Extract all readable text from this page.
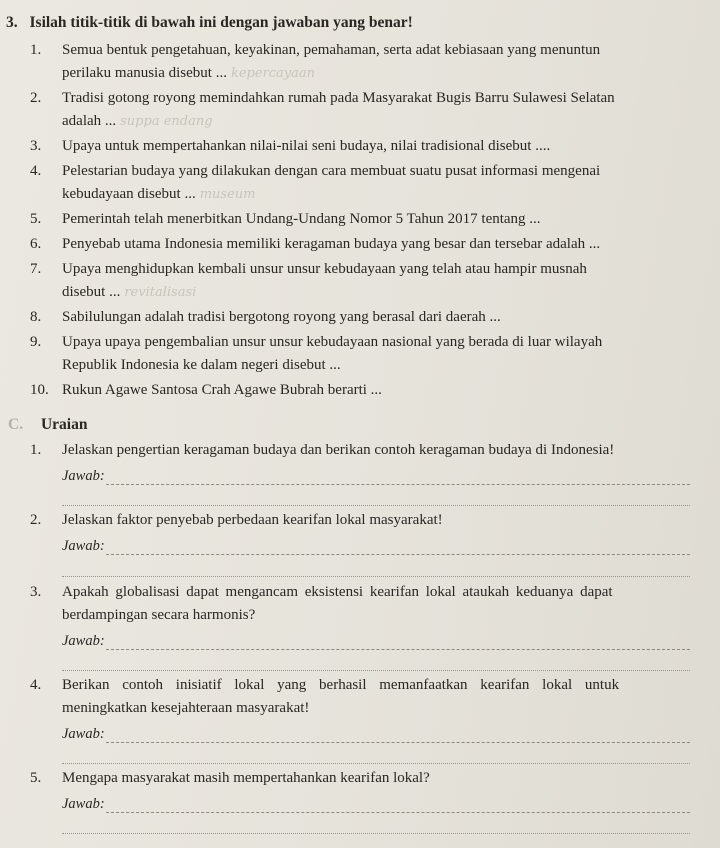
3. Isilah titik-titik di bawah ini dengan jawaban yang benar!
1. Semua bentuk pengetahuan, keyakinan, pemahaman, serta adat kebiasaan yang menuntun
perilaku manusia disebut ... kepercayaan
2. Tradisi gotong royong memindahkan rumah pada Masyarakat Bugis Barru Sulawesi Selatan
adalah ... suppa endang
3. Upaya untuk mempertahankan nilai-nilai seni budaya, nilai tradisional disebut ....
4. Pelestarian budaya yang dilakukan dengan cara membuat suatu pusat informasi mengenai
kebudayaan disebut ... museum
5. Pemerintah telah menerbitkan Undang-Undang Nomor 5 Tahun 2017 tentang ...
6. Penyebab utama Indonesia memiliki keragaman budaya yang besar dan tersebar adalah ...
7. Upaya menghidupkan kembali unsur unsur kebudayaan yang telah atau hampir musnah
disebut ... revitalisasi
8. Sabilulungan adalah tradisi bergotong royong yang berasal dari daerah ...
9. Upaya upaya pengembalian unsur unsur kebudayaan nasional yang berada di luar wilayah
Republik Indonesia ke dalam negeri disebut ...
10. Rukun Agawe Santosa Crah Agawe Bubrah berarti ...
C. Uraian
1. Jelaskan pengertian keragaman budaya dan berikan contoh keragaman budaya di Indonesia!
Jawab:
2. Jelaskan faktor penyebab perbedaan kearifan lokal masyarakat!
Jawab:
3. Apakah globalisasi dapat mengancam eksistensi kearifan lokal ataukah keduanya dapat
berdampingan secara harmonis?
Jawab:
4. Berikan contoh inisiatif lokal yang berhasil memanfaatkan kearifan lokal untuk
meningkatkan kesejahteraan masyarakat!
Jawab:
5. Mengapa masyarakat masih mempertahankan kearifan lokal?
Jawab:
